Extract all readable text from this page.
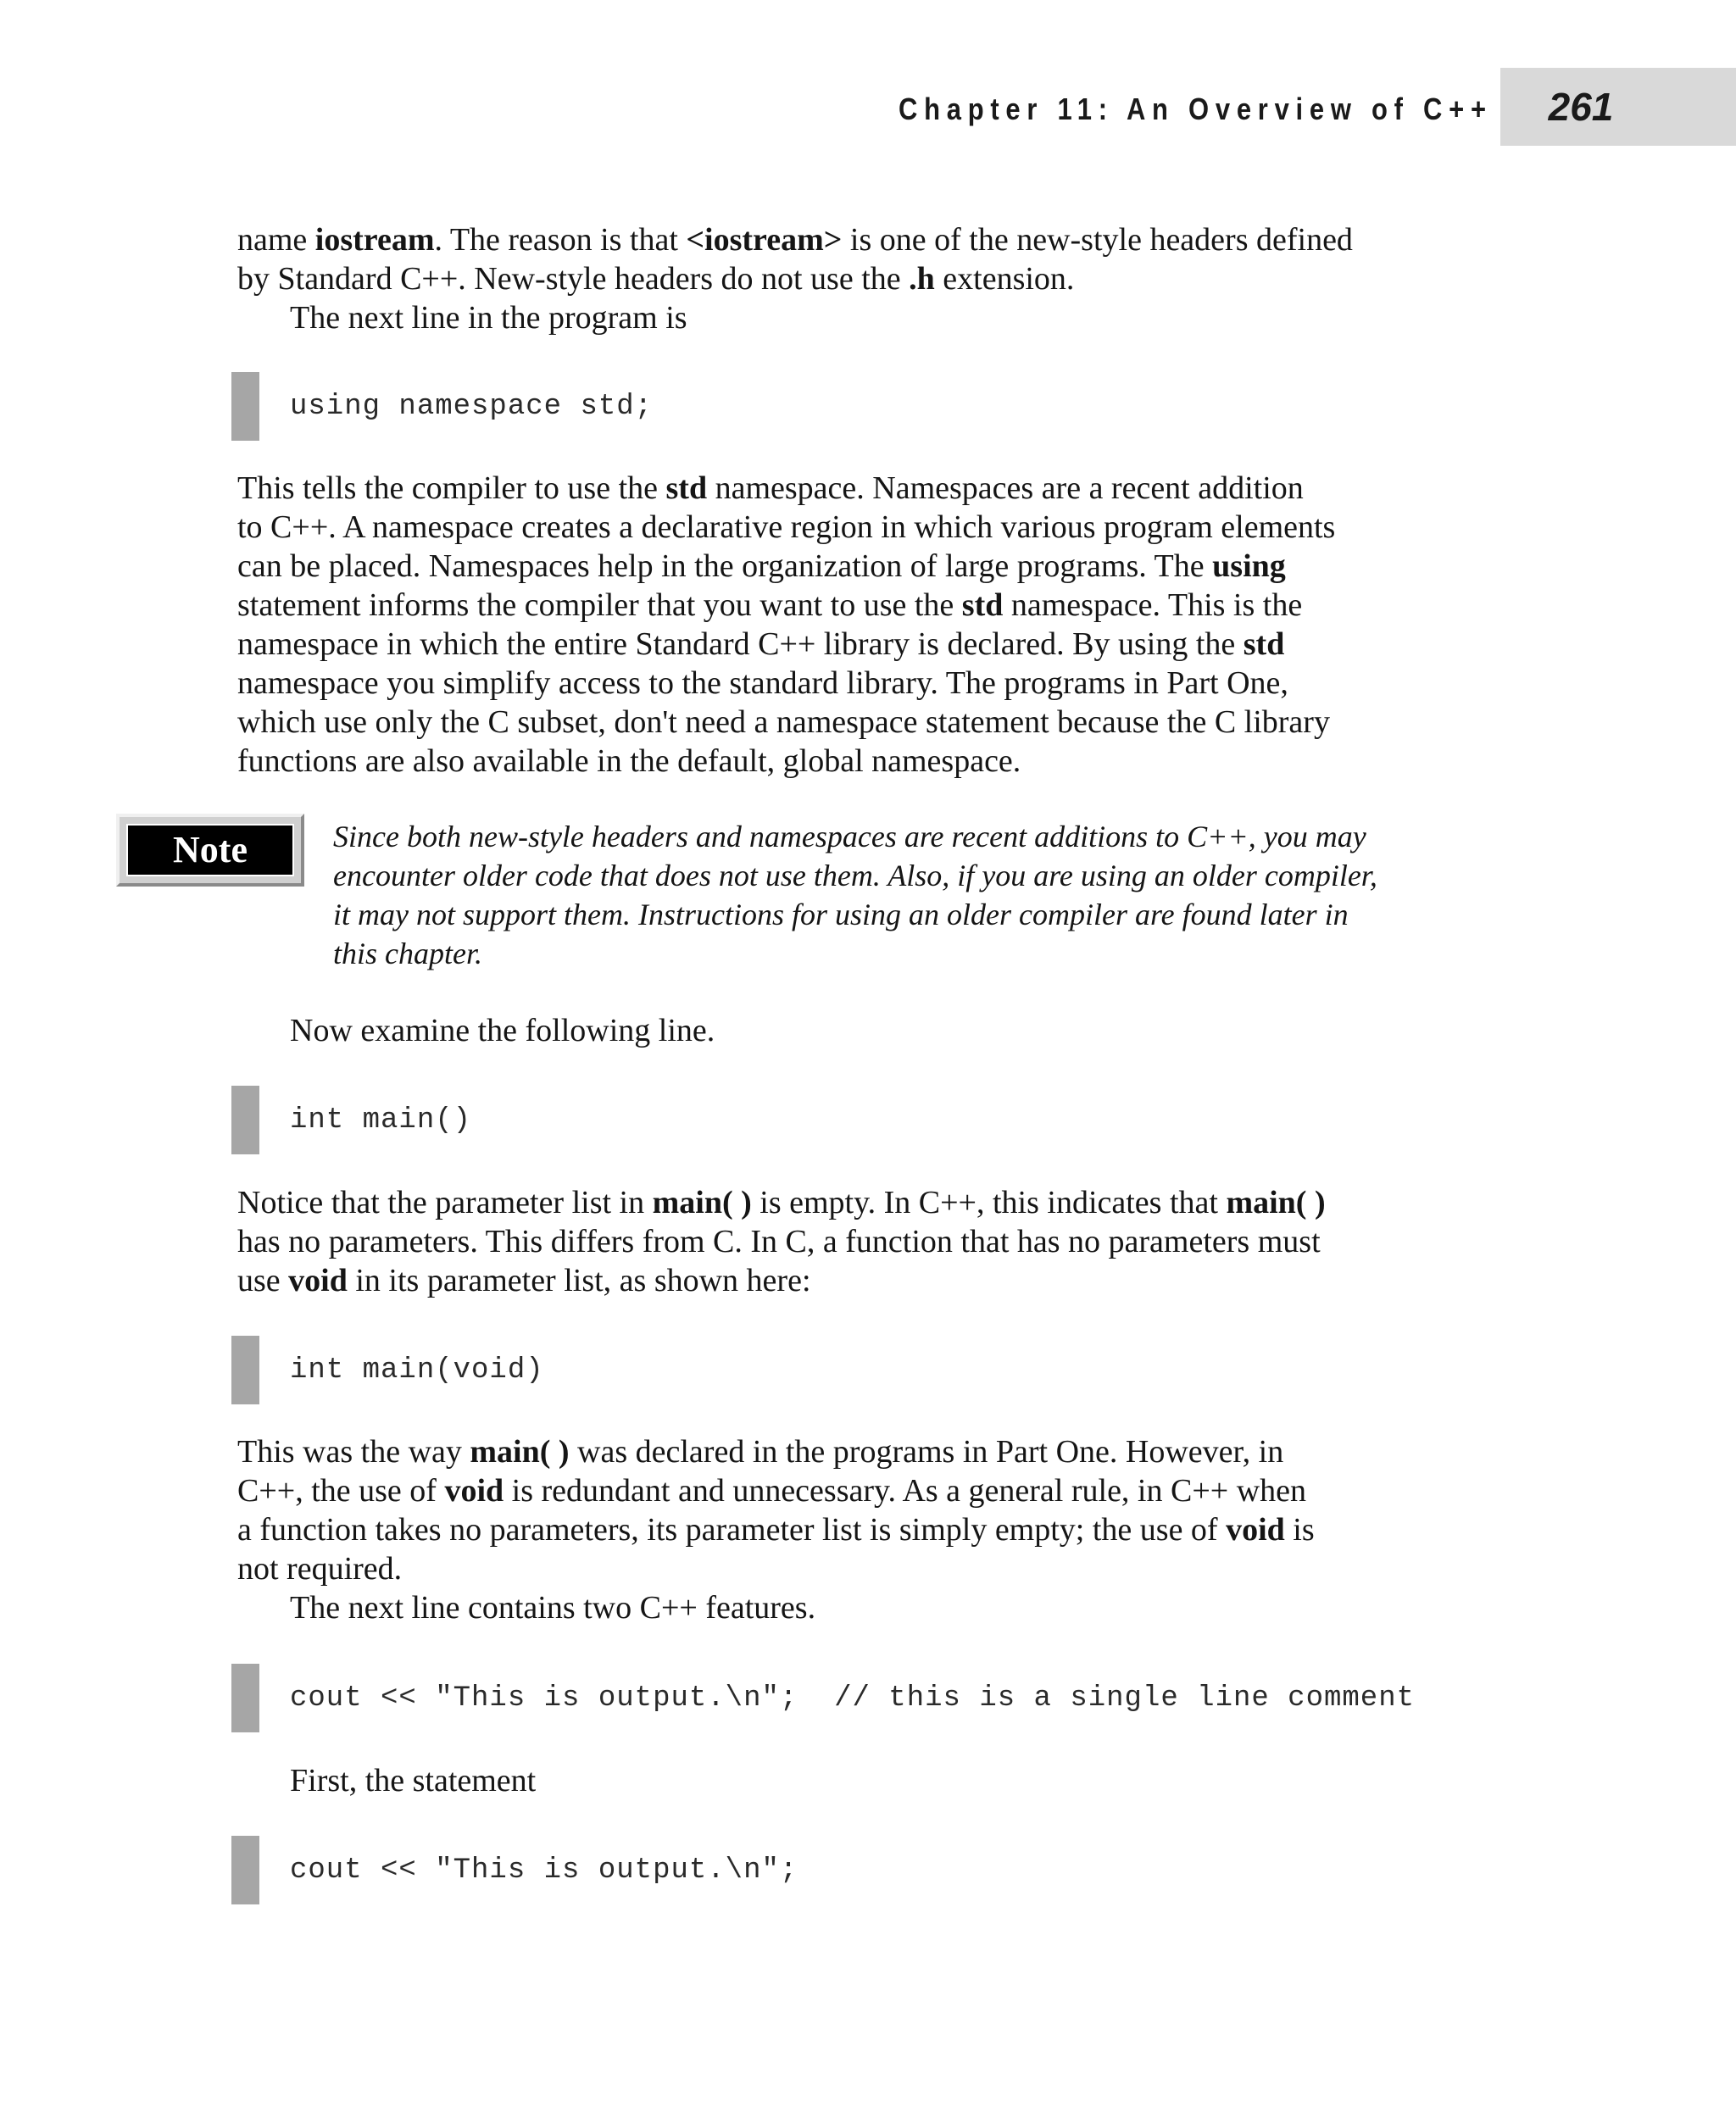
Chapter 11: An Overview of C++	261

name iostream. The reason is that <iostream> is one of the new-style headers defined

by Standard C++. New-style headers do not use the .h extension.

The next line in the program is

using namespace std;

This tells the compiler to use the std namespace. Namespaces are a recent addition

to C++. A namespace creates a declarative region in which various program elements

can be placed. Namespaces help in the organization of large programs. The using

statement informs the compiler that you want to use the std namespace. This is the

namespace in which the entire Standard C++ library is declared. By using the std

namespace you simplify access to the standard library. The programs in Part One,

which use only the C subset, don't need a namespace statement because the C library

functions are also available in the default, global namespace.

Note	Since both new-style headers and namespaces are recent additions to C++, you may

encounter older code that does not use them. Also, if you are using an older compiler,

it may not support them. Instructions for using an older compiler are found later in

this chapter.

Now examine the following line.

int main()

Notice that the parameter list in main( ) is empty. In C++, this indicates that main( )

has no parameters. This differs from C. In C, a function that has no parameters must

use void in its parameter list, as shown here:

int main(void)

This was the way main( ) was declared in the programs in Part One. However, in

C++, the use of void is redundant and unnecessary. As a general rule, in C++ when

a function takes no parameters, its parameter list is simply empty; the use of void is

not required.

The next line contains two C++ features.

cout << "This is output.\n";  // this is a single line comment

First, the statement

cout << "This is output.\n";
